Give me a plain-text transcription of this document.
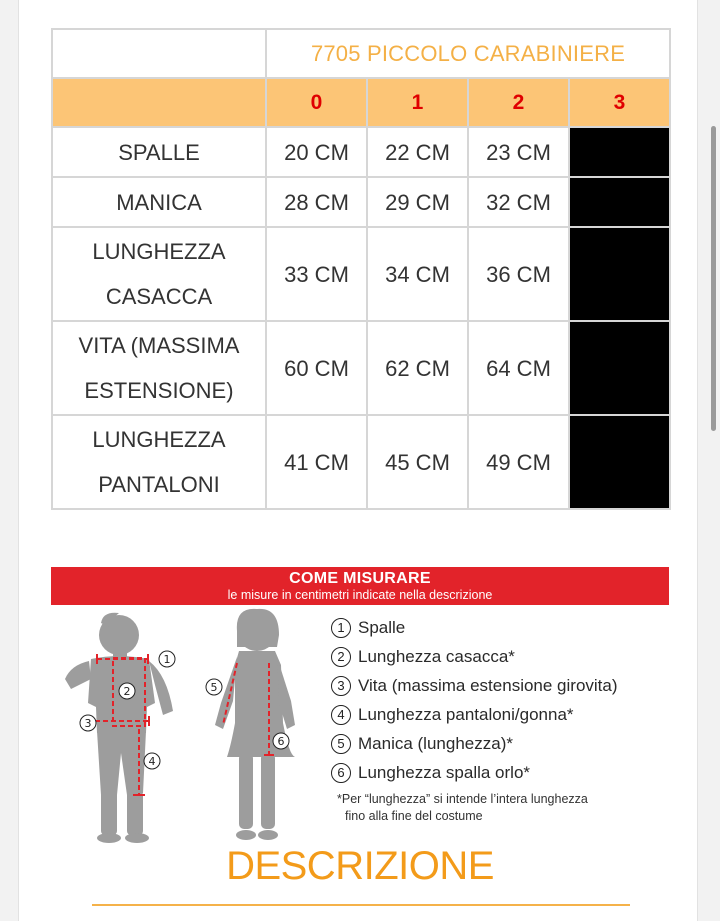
	7705 PICCOLO CARABINIERE			
	0	1	2	3
SPALLE	20 CM	22 CM	23 CM	
MANICA	28 CM	29 CM	32 CM	

LUNGHEZZA
CASACCA	33 CM	34 CM	36 CM	

VITA (MASSIMA
ESTENSIONE)	60 CM	62 CM	64 CM	

LUNGHEZZA
PANTALONI	41 CM	45 CM	49 CM	
COME MISURARE
le misure in centimetri indicate nella descrizione
1
2
3
4
5
6
1 Spalle
2 Lunghezza casacca*
3 Vita (massima estensione girovita)
4 Lunghezza pantaloni/gonna*
5 Manica (lunghezza)*
6 Lunghezza spalla orlo*
*Per “lunghezza” si intende l’intera lunghezza
fino alla fine del costume
DESCRIZIONE
